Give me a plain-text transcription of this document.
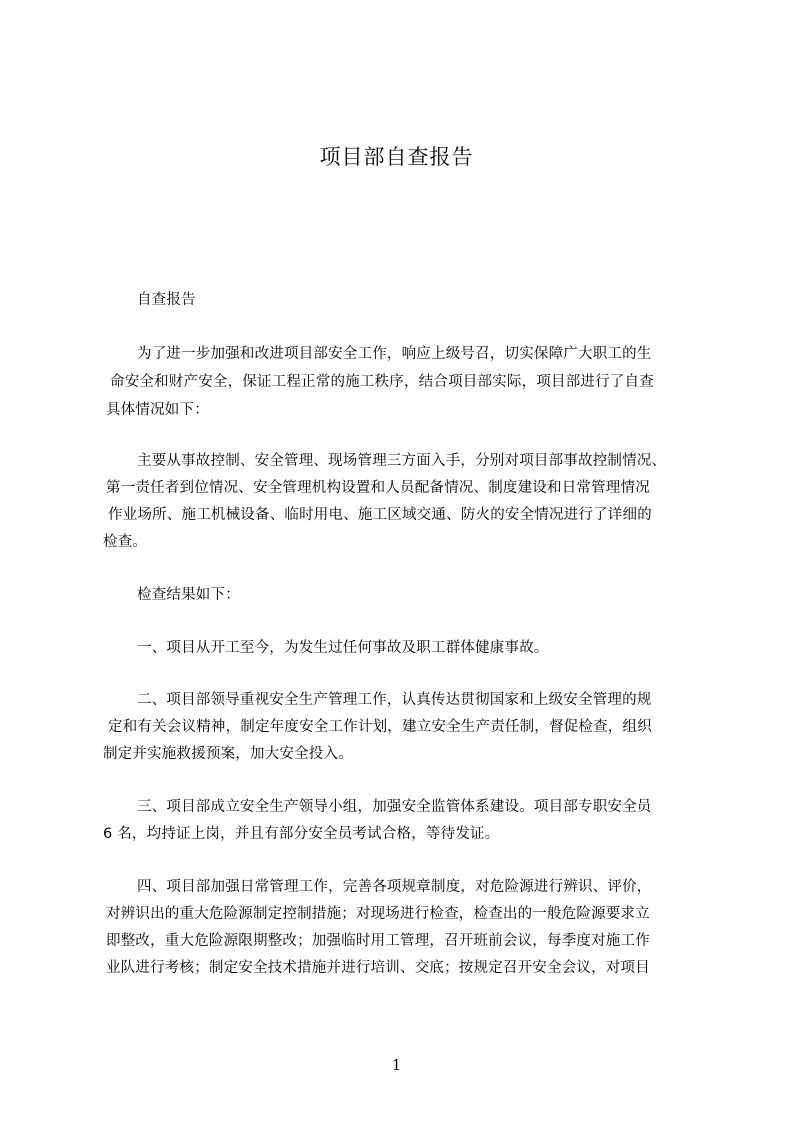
项目部自查报告
自查报告
为了进一步加强和改进项目部安全工作，响应上级号召，切实保障广大职工的生
命安全和财产安全，保证工程正常的施工秩序，结合项目部实际，项目部进行了自查
具体情况如下：
主要从事故控制、安全管理、现场管理三方面入手，分别对项目部事故控制情况、
第一责任者到位情况、安全管理机构设置和人员配备情况、制度建设和日常管理情况
作业场所、施工机械设备、临时用电、施工区域交通、防火的安全情况进行了详细的
检查。
检查结果如下：
一、项目从开工至今，为发生过任何事故及职工群体健康事故。
二、项目部领导重视安全生产管理工作，认真传达贯彻国家和上级安全管理的规
定和有关会议精神，制定年度安全工作计划，建立安全生产责任制，督促检查，组织
制定并实施救援预案，加大安全投入。
三、项目部成立安全生产领导小组，加强安全监管体系建设。项目部专职安全员
6 名，均持证上岗，并且有部分安全员考试合格，等待发证。
四、项目部加强日常管理工作，完善各项规章制度，对危险源进行辨识、评价，
对辨识出的重大危险源制定控制措施；对现场进行检查，检查出的一般危险源要求立
即整改，重大危险源限期整改；加强临时用工管理，召开班前会议，每季度对施工作
业队进行考核；制定安全技术措施并进行培训、交底；按规定召开安全会议，对项目
1
